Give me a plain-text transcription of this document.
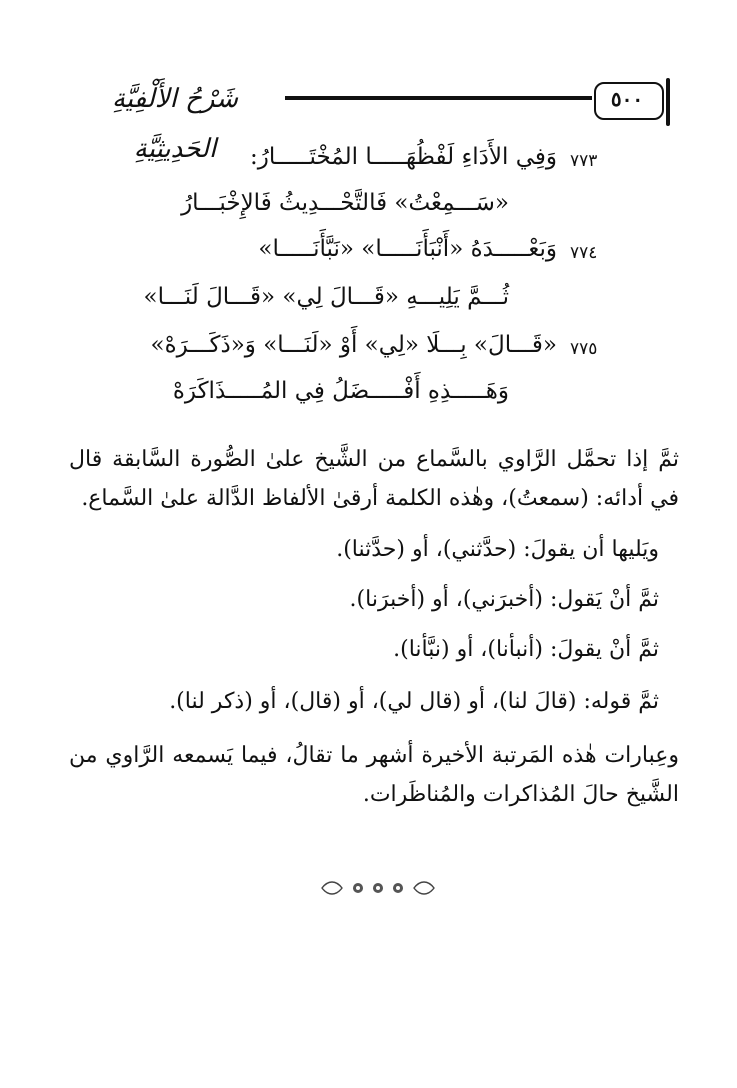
٥٠٠
شَرْحُ الأَلْفِيَّةِ الحَدِيثِيَّةِ	٧٧٣
وَفِي الأَدَاءِ لَفْظُهَـــــا المُخْتَـــــارُ:
«سَـــمِعْتُ» فَالتَّحْـــدِيثُ فَالإِخْبَـــارُ
٧٧٤
وَبَعْـــــدَهُ «أَنْبَأَنَـــــا» «نَبَّأَنَـــــا»
ثُـــمَّ يَلِيـــهِ «قَـــالَ لِي» «قَـــالَ لَنَـــا»
٧٧٥
«قَـــالَ» بِـــلَا «لِي» أَوْ «لَنَـــا» وَ«ذَكَـــرَهْ»
وَهَـــــذِهِ أَفْـــــضَلُ فِي المُـــــذَاكَرَهْ
ثمَّ إذا تحمَّل الرَّاوي بالسَّماع من الشَّيخ علىٰ الصُّورة السَّابقة قال في أدائه: (سمعتُ)، وهٰذه الكلمة أرقىٰ الألفاظ الدَّالة علىٰ السَّماع.
ويَليها أن يقولَ: (حدَّثني)، أو (حدَّثنا).
ثمَّ أنْ يَقول: (أخبرَني)، أو (أخبرَنا).
ثمَّ أنْ يقولَ: (أنبأنا)، أو (نبَّأنا).
ثمَّ قوله: (قالَ لنا)، أو (قال لي)، أو (قال)، أو (ذكر لنا).
وعِبارات هٰذه المَرتبة الأخيرة أشهر ما تقالُ، فيما يَسمعه الرَّاوي من الشَّيخ حالَ المُذاكرات والمُناظَرات.
